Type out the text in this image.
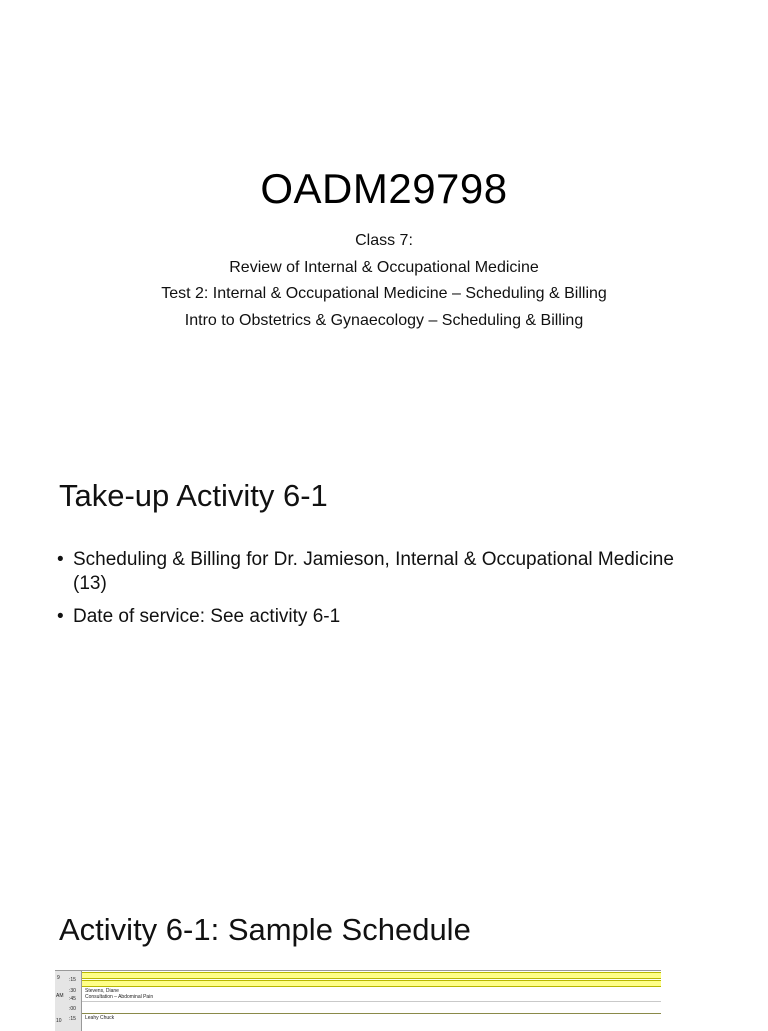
OADM29798
Class 7:
Review of Internal & Occupational Medicine
Test 2: Internal & Occupational Medicine – Scheduling & Billing
Intro to Obstetrics & Gynaecology – Scheduling & Billing
Take-up Activity 6-1
• Scheduling & Billing for Dr. Jamieson, Internal & Occupational Medicine (13)
• Date of service: See activity 6-1
Activity 6-1: Sample Schedule
9
AM
10
:15
:30
:45
:00
:15
Stevens, Diane
Consultation – Abdominal Pain
Leahy Chuck
